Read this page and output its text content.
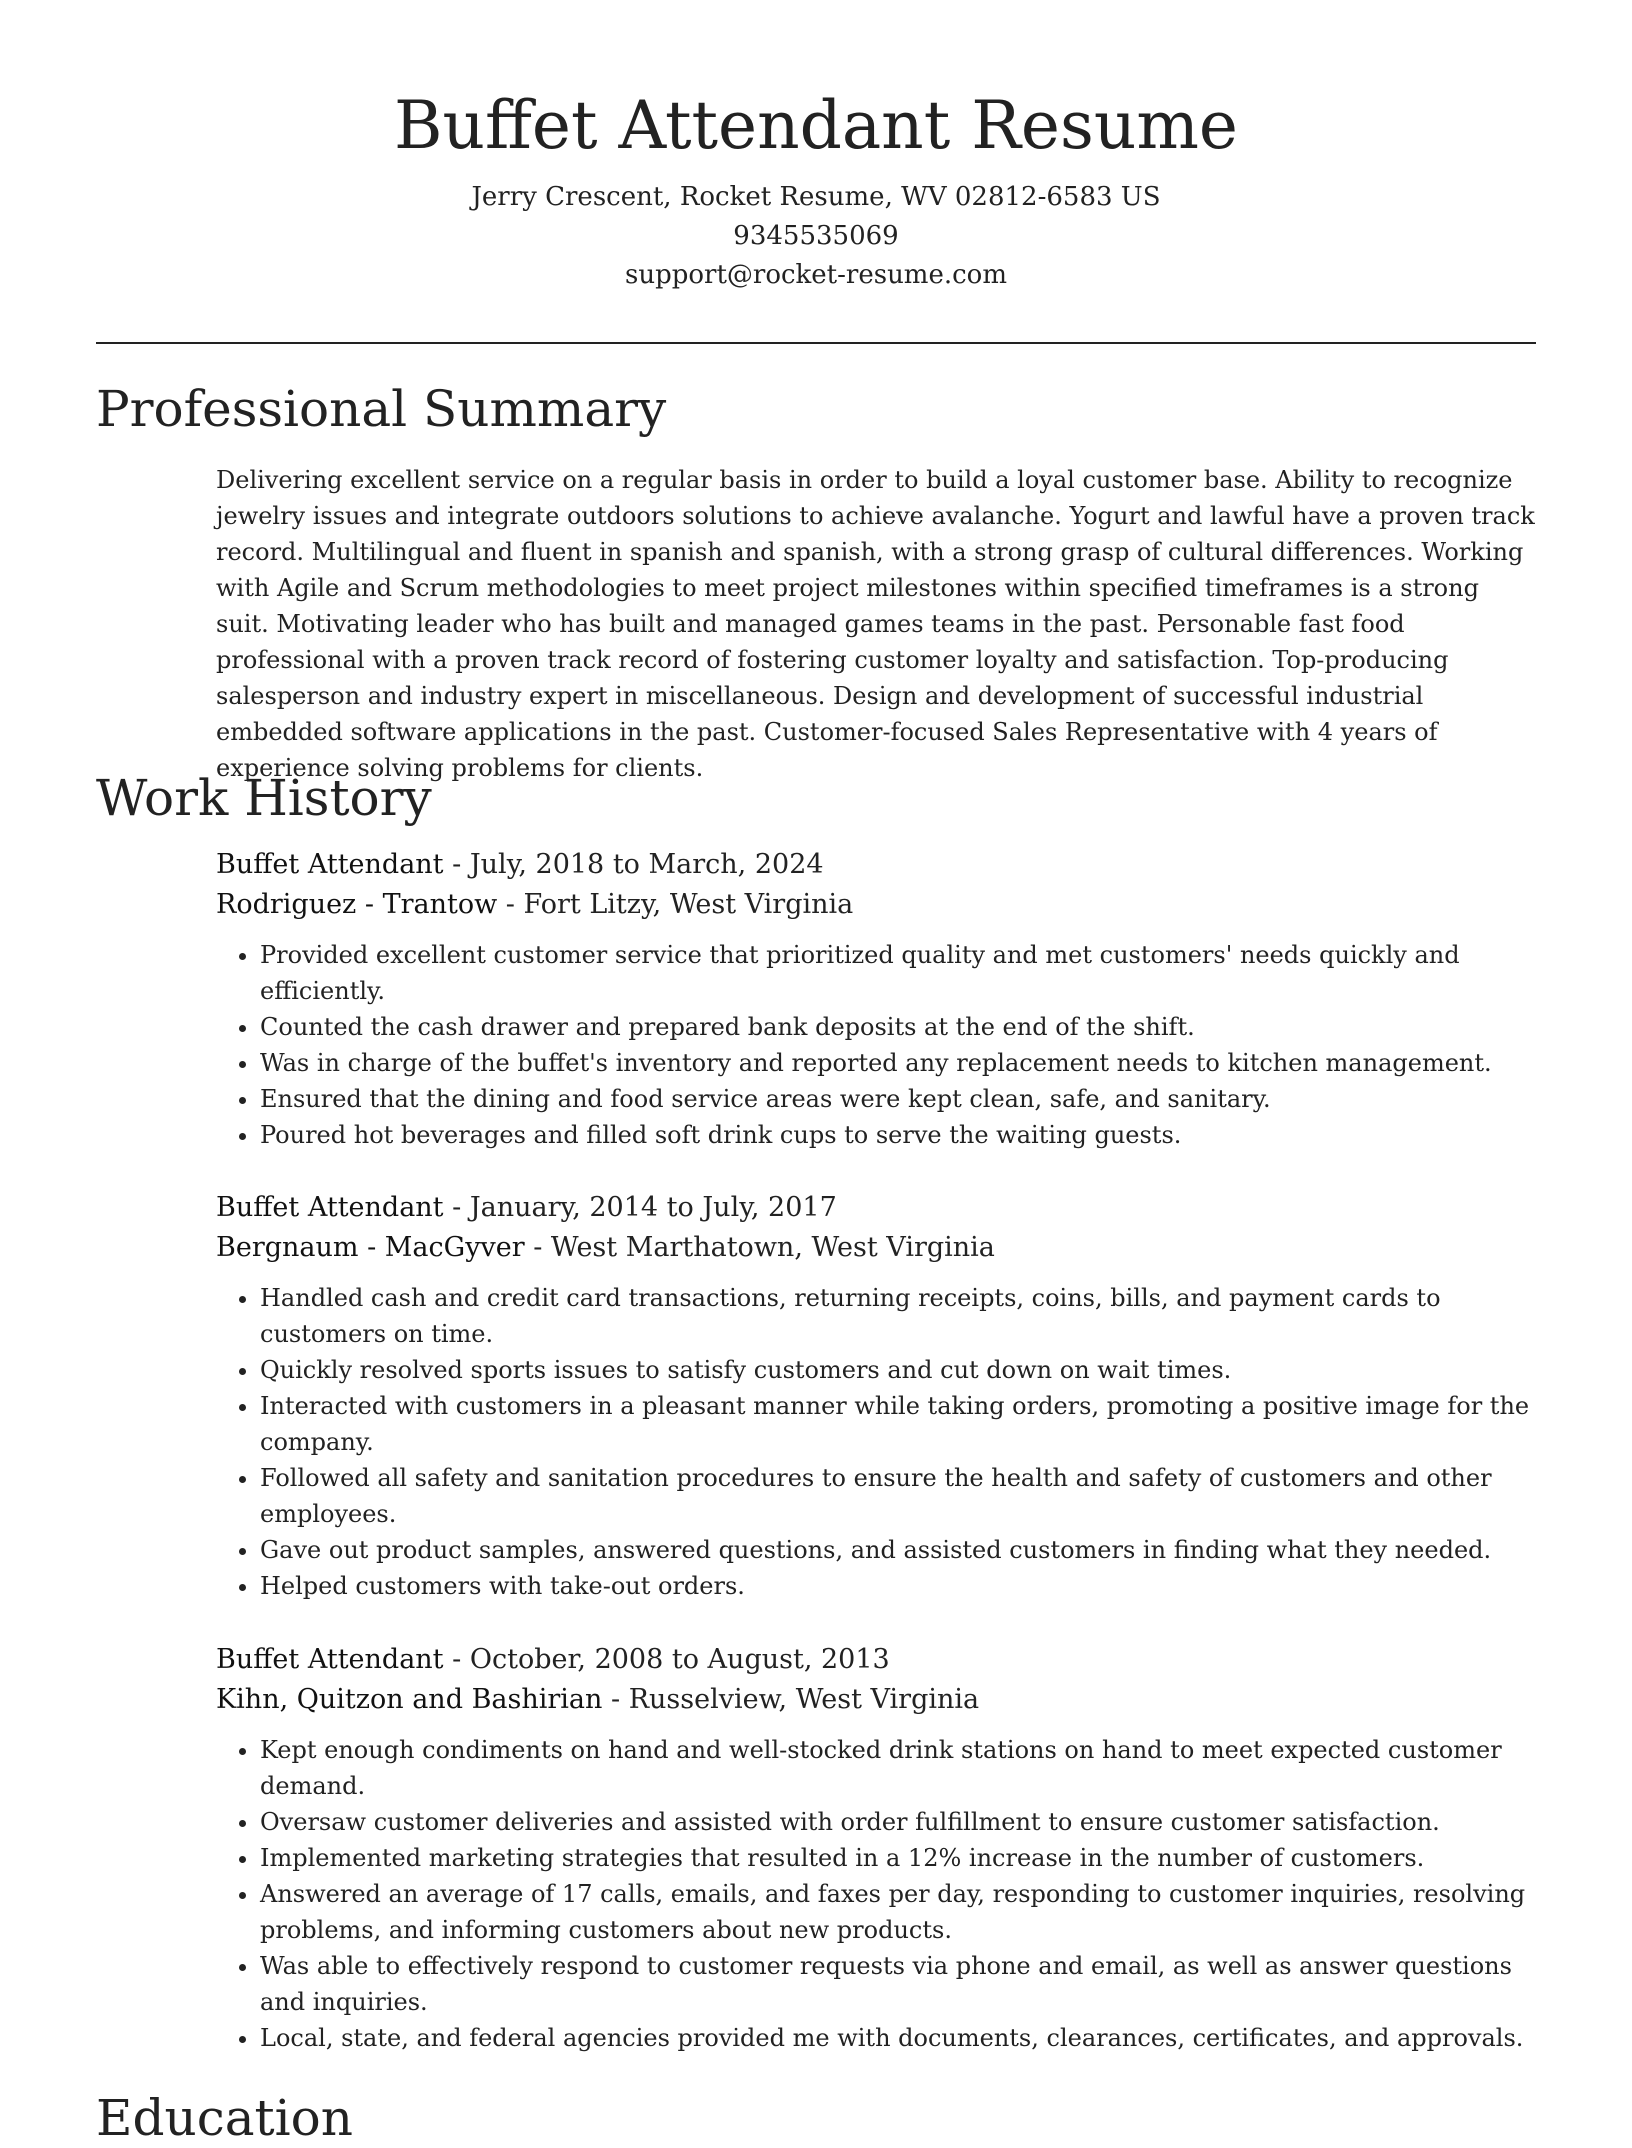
Buffet Attendant Resume
Jerry Crescent, Rocket Resume, WV 02812-6583 US
9345535069
support@rocket-resume.com
Professional Summary

Delivering excellent service on a regular basis in order to build a loyal customer base. Ability to recognize jewelry issues and integrate outdoors solutions to achieve avalanche. Yogurt and lawful have a proven track record. Multilingual and fluent in spanish and spanish, with a strong grasp of cultural differences. Working with Agile and Scrum methodologies to meet project milestones within specified timeframes is a strong suit. Motivating leader who has built and managed games teams in the past. Personable fast food professional with a proven track record of fostering customer loyalty and satisfaction. Top-producing salesperson and industry expert in miscellaneous. Design and development of successful industrial embedded software applications in the past. Customer-focused Sales Representative with 4 years of experience solving problems for clients.

Work History
Buffet Attendant - July, 2018 to March, 2024
Rodriguez - Trantow - Fort Litzy, West Virginia
• Provided excellent customer service that prioritized quality and met customers' needs quickly and efficiently.
• Counted the cash drawer and prepared bank deposits at the end of the shift.
• Was in charge of the buffet's inventory and reported any replacement needs to kitchen management.
• Ensured that the dining and food service areas were kept clean, safe, and sanitary.
• Poured hot beverages and filled soft drink cups to serve the waiting guests.
Buffet Attendant - January, 2014 to July, 2017
Bergnaum - MacGyver - West Marthatown, West Virginia
• Handled cash and credit card transactions, returning receipts, coins, bills, and payment cards to customers on time.
• Quickly resolved sports issues to satisfy customers and cut down on wait times.
• Interacted with customers in a pleasant manner while taking orders, promoting a positive image for the company.
• Followed all safety and sanitation procedures to ensure the health and safety of customers and other employees.
• Gave out product samples, answered questions, and assisted customers in finding what they needed.
• Helped customers with take-out orders.
Buffet Attendant - October, 2008 to August, 2013
Kihn, Quitzon and Bashirian - Russelview, West Virginia
• Kept enough condiments on hand and well-stocked drink stations on hand to meet expected customer demand.
• Oversaw customer deliveries and assisted with order fulfillment to ensure customer satisfaction.
• Implemented marketing strategies that resulted in a 12% increase in the number of customers.
• Answered an average of 17 calls, emails, and faxes per day, responding to customer inquiries, resolving problems, and informing customers about new products.
• Was able to effectively respond to customer requests via phone and email, as well as answer questions and inquiries.
• Local, state, and federal agencies provided me with documents, clearances, certificates, and approvals.
Education
